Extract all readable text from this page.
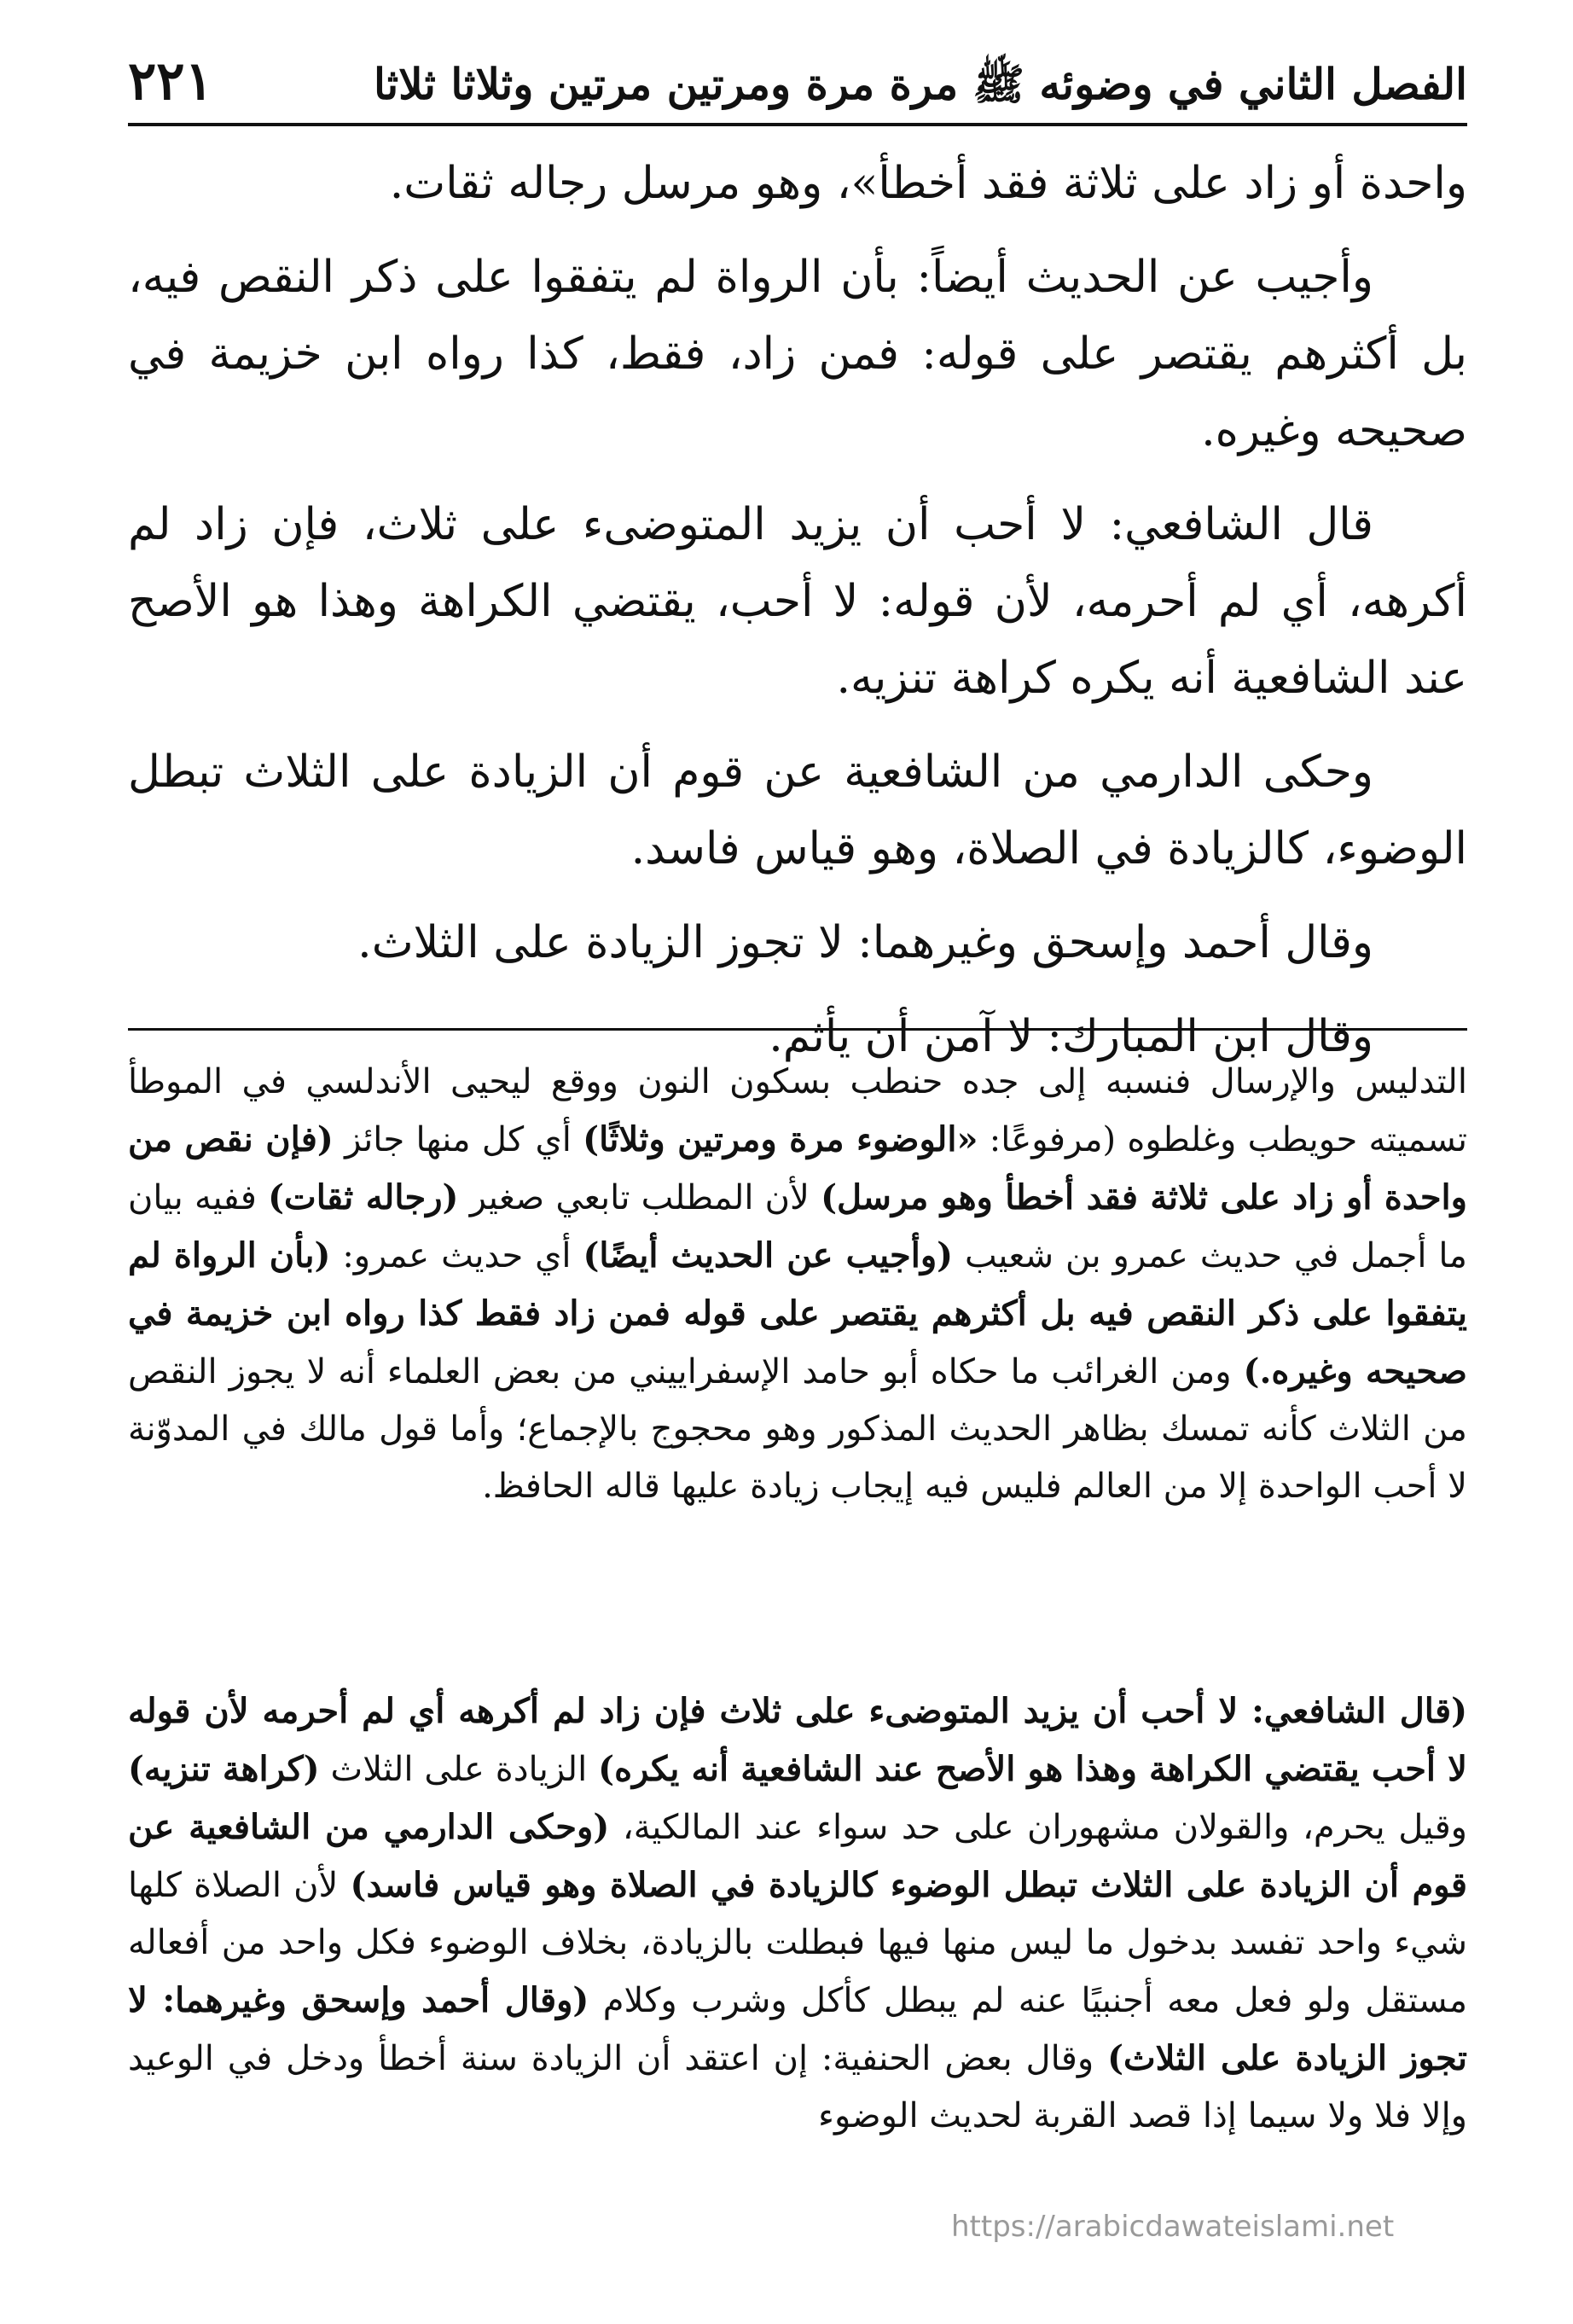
الفصل الثاني في وضوئه ﷺ مرة مرة ومرتين مرتين وثلاثا ثلاثا
٢٢١

واحدة أو زاد على ثلاثة فقد أخطأ»، وهو مرسل رجاله ثقات.

وأجيب عن الحديث أيضاً: بأن الرواة لم يتفقوا على ذكر النقص فيه، بل أكثرهم يقتصر على قوله: فمن زاد، فقط، كذا رواه ابن خزيمة في صحيحه وغيره.

قال الشافعي: لا أحب أن يزيد المتوضىء على ثلاث، فإن زاد لم أكرهه، أي لم أحرمه، لأن قوله: لا أحب، يقتضي الكراهة وهذا هو الأصح عند الشافعية أنه يكره كراهة تنزيه.

وحكى الدارمي من الشافعية عن قوم أن الزيادة على الثلاث تبطل الوضوء، كالزيادة في الصلاة، وهو قياس فاسد.

وقال أحمد وإسحق وغيرهما: لا تجوز الزيادة على الثلاث.

وقال ابن المبارك: لا آمن أن يأثم.

التدليس والإرسال فنسبه إلى جده حنطب بسكون النون ووقع ليحيى الأندلسي في الموطأ تسميته حويطب وغلطوه (مرفوعًا: «الوضوء مرة ومرتين وثلاثًا) أي كل منها جائز (فإن نقص من واحدة أو زاد على ثلاثة فقد أخطأ وهو مرسل) لأن المطلب تابعي صغير (رجاله ثقات) ففيه بيان ما أجمل في حديث عمرو بن شعيب (وأجيب عن الحديث أيضًا) أي حديث عمرو: (بأن الرواة لم يتفقوا على ذكر النقص فيه بل أكثرهم يقتصر على قوله فمن زاد فقط كذا رواه ابن خزيمة في صحيحه وغيره.) ومن الغرائب ما حكاه أبو حامد الإسفراييني من بعض العلماء أنه لا يجوز النقص من الثلاث كأنه تمسك بظاهر الحديث المذكور وهو محجوج بالإجماع؛ وأما قول مالك في المدوّنة لا أحب الواحدة إلا من العالم فليس فيه إيجاب زيادة عليها قاله الحافظ.

(قال الشافعي: لا أحب أن يزيد المتوضىء على ثلاث فإن زاد لم أكرهه أي لم أحرمه لأن قوله لا أحب يقتضي الكراهة وهذا هو الأصح عند الشافعية أنه يكره) الزيادة على الثلاث (كراهة تنزيه) وقيل يحرم، والقولان مشهوران على حد سواء عند المالكية، (وحكى الدارمي من الشافعية عن قوم أن الزيادة على الثلاث تبطل الوضوء كالزيادة في الصلاة وهو قياس فاسد) لأن الصلاة كلها شيء واحد تفسد بدخول ما ليس منها فيها فبطلت بالزيادة، بخلاف الوضوء فكل واحد من أفعاله مستقل ولو فعل معه أجنبيًا عنه لم يبطل كأكل وشرب وكلام (وقال أحمد وإسحق وغيرهما: لا تجوز الزيادة على الثلاث) وقال بعض الحنفية: إن اعتقد أن الزيادة سنة أخطأ ودخل في الوعيد وإلا فلا ولا سيما إذا قصد القربة لحديث الوضوء

https://arabicdawateislami.net
